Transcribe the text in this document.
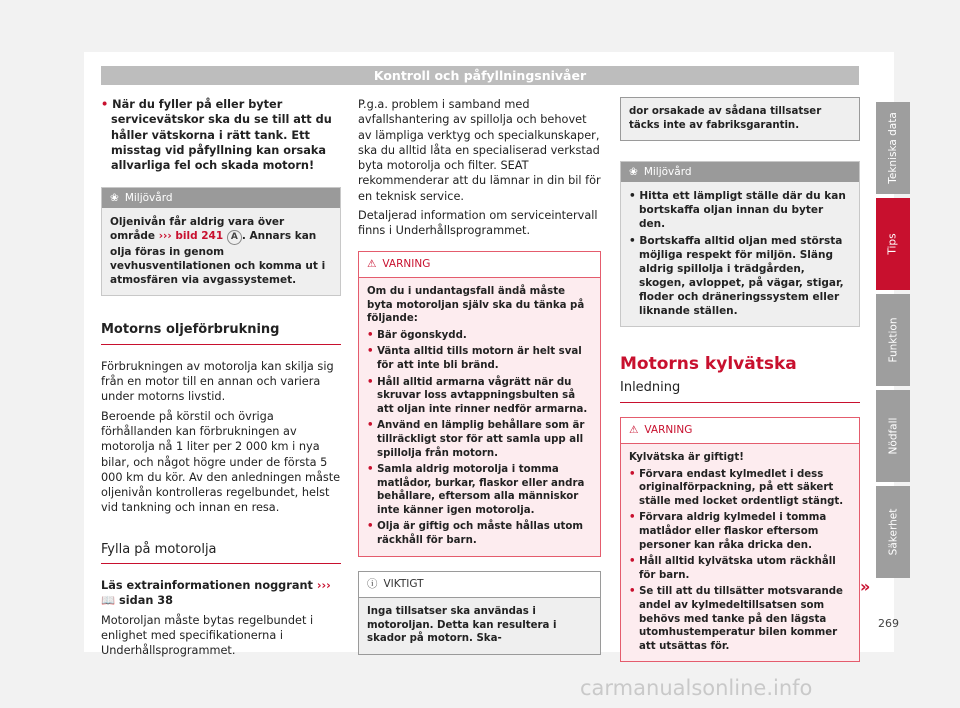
Kontroll och påfyllningsnivåer
• När du fyller på eller byter servicevätskor ska du se till att du håller vätskorna i rätt tank. Ett misstag vid påfyllning kan orsaka allvarliga fel och skada motorn!
❀ Miljövård
Oljenivån får aldrig vara över område ››› bild 241 A . Annars kan olja föras in genom vevhusventilationen och komma ut i atmosfären via avgassystemet.
Motorns oljeförbrukning

Förbrukningen av motorolja kan skilja sig från en motor till en annan och variera under motorns livstid.

Beroende på körstil och övriga förhållanden kan förbrukningen av motorolja nå 1 liter per 2 000 km i nya bilar, och något högre under de första 5 000 km du kör. Av den anledningen måste oljenivån kontrolleras regelbundet, helst vid tankning och innan en resa.

Fylla på motorolja

Läs extrainformationen noggrant ››› 📖 sidan 38

Motoroljan måste bytas regelbundet i enlighet med specifikationerna i Underhållsprogrammet.

P.g.a. problem i samband med avfallshantering av spillolja och behovet av lämpliga verktyg och specialkunskaper, ska du alltid låta en specialiserad verkstad byta motorolja och filter. SEAT rekommenderar att du lämnar in din bil för en teknisk service.

Detaljerad information om serviceintervall finns i Underhållsprogrammet.

⚠ VARNING
Om du i undantagsfall ändå måste byta motoroljan själv ska du tänka på följande:
• Bär ögonskydd.
• Vänta alltid tills motorn är helt sval för att inte bli bränd.
• Håll alltid armarna vågrätt när du skruvar loss avtappningsbulten så att oljan inte rinner nedför armarna.
• Använd en lämplig behållare som är tillräckligt stor för att samla upp all spillolja från motorn.
• Samla aldrig motorolja i tomma matlådor, burkar, flaskor eller andra behållare, eftersom alla människor inte känner igen motorolja.
• Olja är giftig och måste hållas utom räckhåll för barn.
ⓘ VIKTIGT
Inga tillsatser ska användas i motoroljan. Detta kan resultera i skador på motorn. Ska-
dor orsakade av sådana tillsatser täcks inte av fabriksgarantin.
❀ Miljövård
• Hitta ett lämpligt ställe där du kan bortskaffa oljan innan du byter den.
• Bortskaffa alltid oljan med största möjliga respekt för miljön. Släng aldrig spillolja i trädgården, skogen, avloppet, på vägar, stigar, floder och dräneringssystem eller liknande ställen.
Motorns kylvätska
Inledning
⚠ VARNING
Kylvätska är giftigt!
• Förvara endast kylmedlet i dess originalförpackning, på ett säkert ställe med locket ordentligt stängt.
• Förvara aldrig kylmedel i tomma matlådor eller flaskor eftersom personer kan råka dricka den.
• Håll alltid kylvätska utom räckhåll för barn.
• Se till att du tillsätter motsvarande andel av kylmedeltillsatsen som behövs med tanke på den lägsta utomhustemperatur bilen kommer att utsättas för.
»
Tekniska data
Tips
Funktion
Nödfall
Säkerhet
269
carmanualsonline.info
